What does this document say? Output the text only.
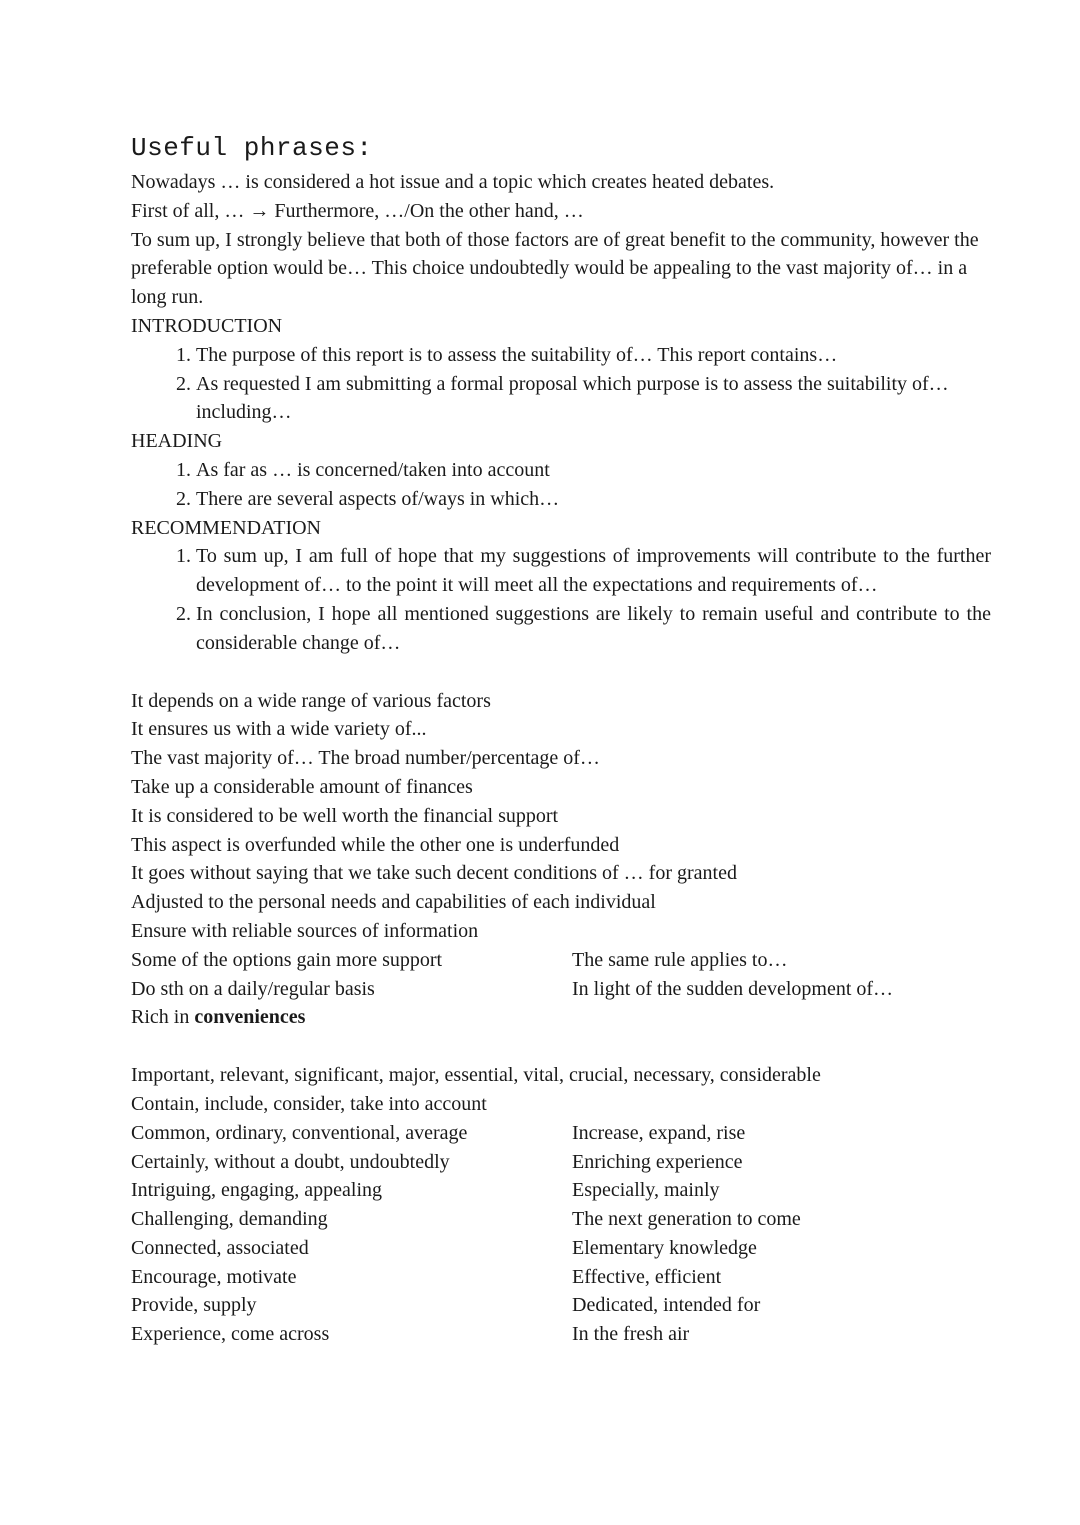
Useful phrases:
Nowadays … is considered a hot issue and a topic which creates heated debates.
First of all, … → Furthermore, …/On the other hand, …
To sum up, I strongly believe that both of those factors are of great benefit to the community, however the preferable option would be… This choice undoubtedly would be appealing to the vast majority of… in a long run.
INTRODUCTION
1. The purpose of this report is to assess the suitability of… This report contains…
2. As requested I am submitting a formal proposal which purpose is to assess the suitability of… including…
HEADING
1. As far as … is concerned/taken into account
2. There are several aspects of/ways in which…
RECOMMENDATION
1. To sum up, I am full of hope that my suggestions of improvements will contribute to the further development of… to the point it will meet all the expectations and requirements of…
2. In conclusion, I hope all mentioned suggestions are likely to remain useful and contribute to the considerable change of…
It depends on a wide range of various factors
It ensures us with a wide variety of...
The vast majority of… The broad number/percentage of…
Take up a considerable amount of finances
It is considered to be well worth the financial support
This aspect is overfunded while the other one is underfunded
It goes without saying that we take such decent conditions of … for granted
Adjusted to the personal needs and capabilities of each individual
Ensure with reliable sources of information
Some of the options gain more support
Do sth on a daily/regular basis
The same rule applies to…
In light of the sudden development of…
Rich in conveniences
Important, relevant, significant, major, essential, vital, crucial, necessary, considerable
Contain, include, consider, take into account
Common, ordinary, conventional, average
Certainly, without a doubt, undoubtedly
Intriguing, engaging, appealing
Challenging, demanding
Connected, associated
Encourage, motivate
Provide, supply
Experience, come across
Increase, expand, rise
Enriching experience
Especially, mainly
The next generation to come
Elementary knowledge
Effective, efficient
Dedicated, intended for
In the fresh air
